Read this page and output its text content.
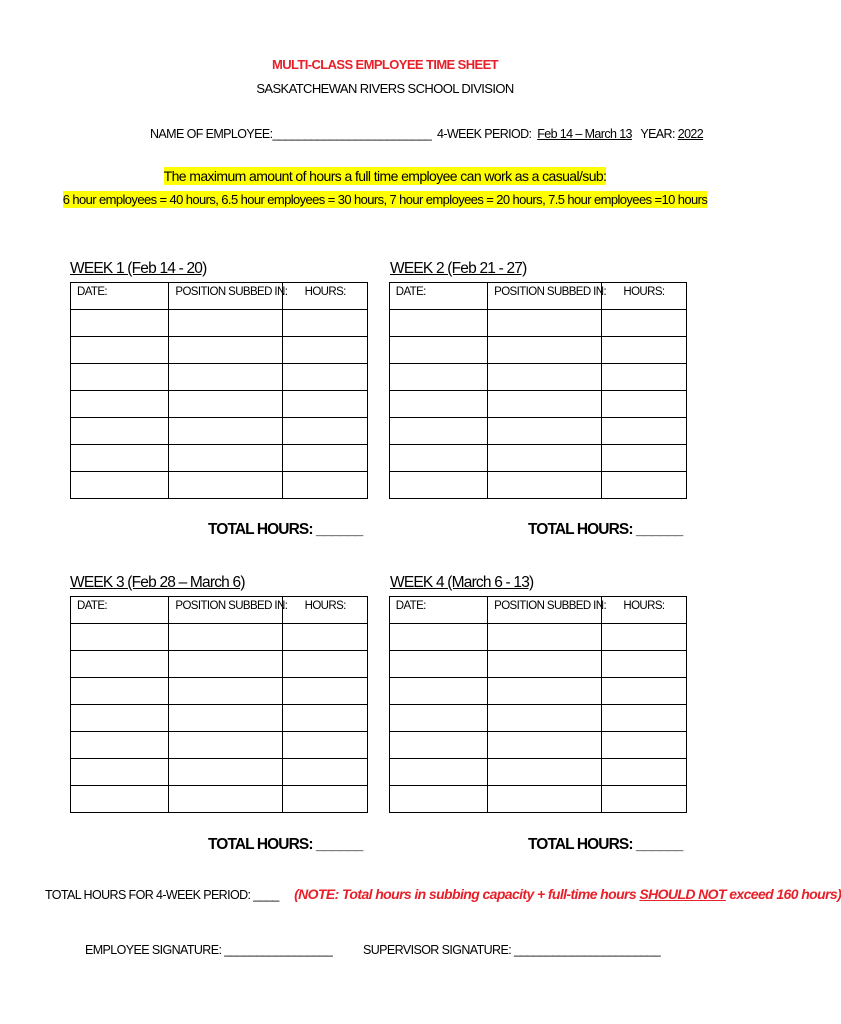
MULTI-CLASS EMPLOYEE TIME SHEET
SASKATCHEWAN RIVERS SCHOOL DIVISION
NAME OF EMPLOYEE:_________________________ 4-WEEK PERIOD: Feb 14 – March 13 YEAR: 2022
The maximum amount of hours a full time employee can work as a casual/sub:
6 hour employees = 40 hours, 6.5 hour employees = 30 hours, 7 hour employees = 20 hours, 7.5 hour employees =10 hours
WEEK 1 (Feb 14 - 20)	WEEK 2 (Feb 21 - 27)
DATE:	POSITION SUBBED IN:	HOURS:		DATE:	POSITION SUBBED IN:	HOURS:

TOTAL HOURS: ______	TOTAL HOURS: ______
WEEK 3 (Feb 28 – March 6)	WEEK 4 (March 6 - 13)
DATE:	POSITION SUBBED IN:	HOURS:		DATE:	POSITION SUBBED IN:	HOURS:

TOTAL HOURS: ______	TOTAL HOURS: ______
TOTAL HOURS FOR 4-WEEK PERIOD: ____ (NOTE: Total hours in subbing capacity + full-time hours SHOULD NOT exceed 160 hours)
EMPLOYEE SIGNATURE: _________________ SUPERVISOR SIGNATURE: _______________________
